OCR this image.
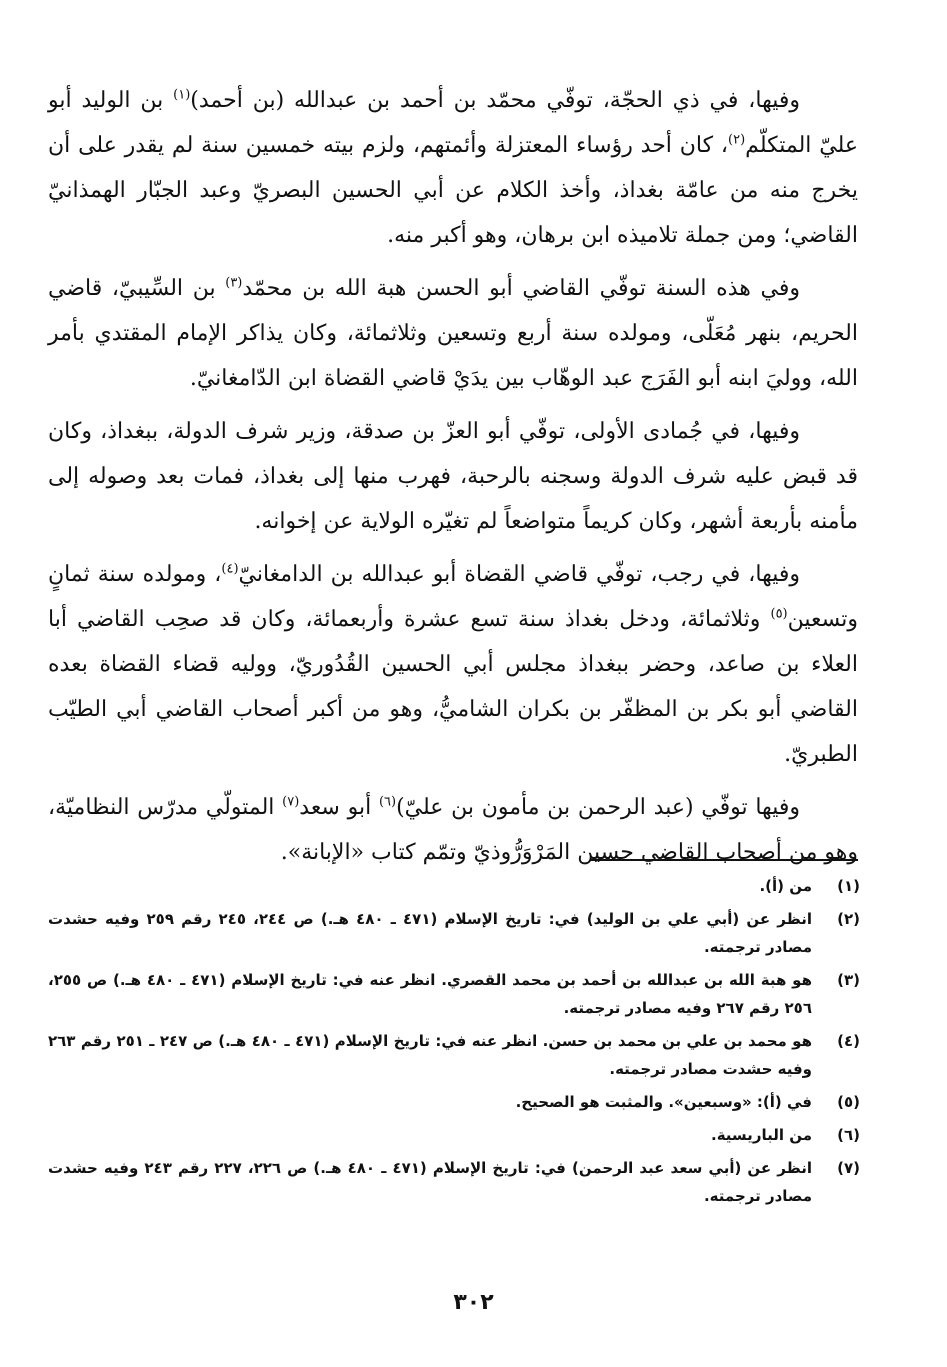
وفيها، في ذي الحجّة، توفّي محمّد بن أحمد بن عبدالله (بن أحمد)$^{(١)}$ بن الوليد أبو عليّ المتكلّم$^{(٢)}$، كان أحد رؤساء المعتزلة وأئمتهم، ولزم بيته خمسين سنة لم يقدر على أن يخرج منه من عامّة بغداذ، وأخذ الكلام عن أبي الحسين البصريّ وعبد الجبّار الهمذانيّ القاضي؛ ومن جملة تلاميذه ابن برهان، وهو أكبر منه.

وفي هذه السنة توفّي القاضي أبو الحسن هبة الله بن محمّد$^{(٣)}$ بن السِّيبيّ، قاضي الحريم، بنهر مُعَلّى، ومولده سنة أربع وتسعين وثلاثمائة، وكان يذاكر الإمام المقتدي بأمر الله، ووليَ ابنه أبو الفَرَج عبد الوهّاب بين يدَيْ قاضي القضاة ابن الدّامغانيّ.

وفيها، في جُمادى الأولى، توفّي أبو العزّ بن صدقة، وزير شرف الدولة، ببغداذ، وكان قد قبض عليه شرف الدولة وسجنه بالرحبة، فهرب منها إلى بغداذ، فمات بعد وصوله إلى مأمنه بأربعة أشهر، وكان كريماً متواضعاً لم تغيّره الولاية عن إخوانه.

وفيها، في رجب، توفّي قاضي القضاة أبو عبدالله بن الدامغانيّ$^{(٤)}$، ومولده سنة ثمانٍ وتسعين$^{(٥)}$ وثلاثمائة، ودخل بغداذ سنة تسع عشرة وأربعمائة، وكان قد صحِب القاضي أبا العلاء بن صاعد، وحضر ببغداذ مجلس أبي الحسين القُدُوريّ، ووليه قضاء القضاة بعده القاضي أبو بكر بن المظفّر بن بكران الشاميُّ، وهو من أكبر أصحاب القاضي أبي الطيّب الطبريّ.

وفيها توفّي (عبد الرحمن بن مأمون بن عليّ)$^{(٦)}$ أبو سعد$^{(٧)}$ المتولّي مدرّس النظاميّة، وهو من أصحاب القاضي حسين المَرْوَرُّوذيّ وتمّم كتاب «الإبانة».

(١)
من (أ).
(٢)
انظر عن (أبي علي بن الوليد) في: تاريخ الإسلام (٤٧١ ـ ٤٨٠ هـ.) ص ٢٤٤، ٢٤٥ رقم ٢٥٩ وفيه حشدت مصادر ترجمته.
(٣)
هو هبة الله بن عبدالله بن أحمد بن محمد القصري. انظر عنه في: تاريخ الإسلام (٤٧١ ـ ٤٨٠ هـ.) ص ٢٥٥، ٢٥٦ رقم ٢٦٧ وفيه مصادر ترجمته.
(٤)
هو محمد بن علي بن محمد بن حسن. انظر عنه في: تاريخ الإسلام (٤٧١ ـ ٤٨٠ هـ.) ص ٢٤٧ ـ ٢٥١ رقم ٢٦٣ وفيه حشدت مصادر ترجمته.
(٥)
في (أ): «وسبعين». والمثبت هو الصحيح.
(٦)
من الباريسية.
(٧)
انظر عن (أبي سعد عبد الرحمن) في: تاريخ الإسلام (٤٧١ ـ ٤٨٠ هـ.) ص ٢٢٦، ٢٢٧ رقم ٢٤٣ وفيه حشدت مصادر ترجمته.
٣٠٢
